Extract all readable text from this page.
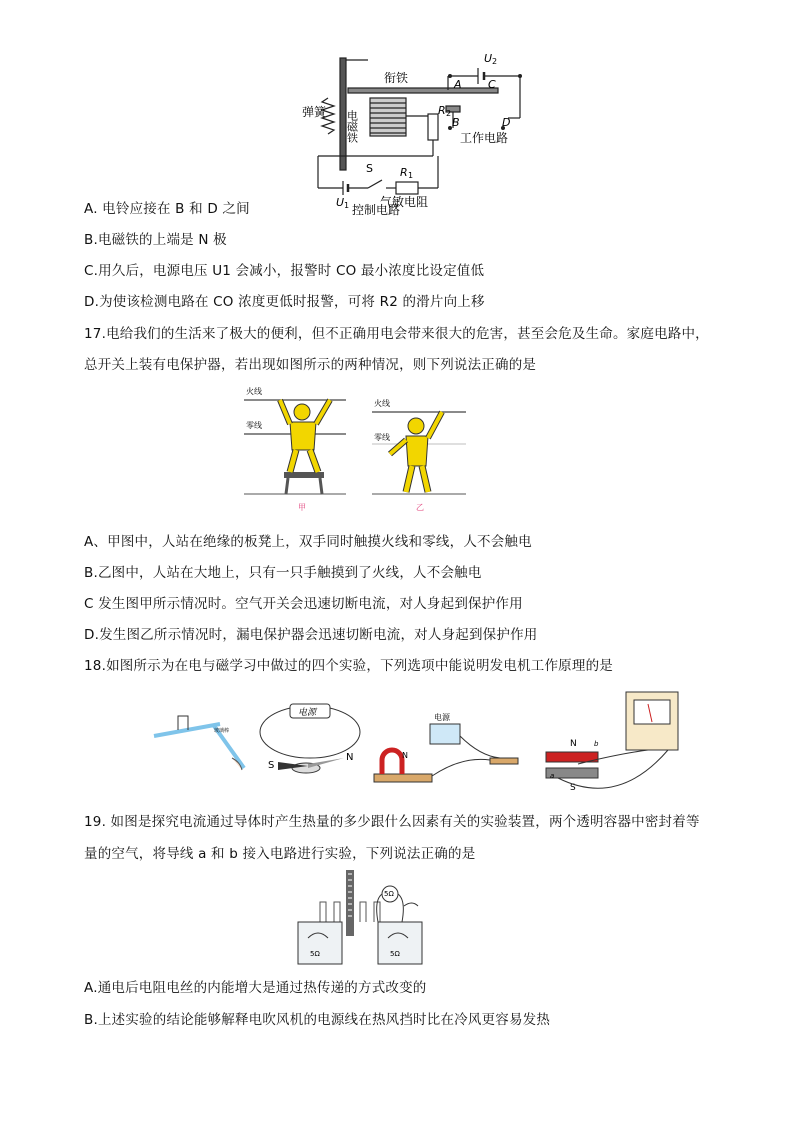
衔铁
弹簧 电磁铁
U 2
A C
B	D
R 2
工作电路
S R 1
U 1	气敏电阻
控制电路
A. 电铃应接在 B 和 D 之间
B.电磁铁的上端是 N 极
C.用久后，电源电压 U1 会减小，报警时 CO 最小浓度比设定值低
D.为使该检测电路在 CO 浓度更低时报警，可将 R2 的滑片向上移
17.电给我们的生活来了极大的便利，但不正确用电会带来很大的危害，甚至会危及生命。家庭电路中，
总开关上装有电保护器，若出现如图所示的两种情况，则下列说法正确的是
火线
零线
甲
火线
零线
乙
A、甲图中，人站在绝缘的板凳上，双手同时触摸火线和零线，人不会触电
B.乙图中，人站在大地上，只有一只手触摸到了火线，人不会触电
C 发生图甲所示情况时。空气开关会迅速切断电流，对人身起到保护作用
D.发生图乙所示情况时，漏电保护器会迅速切断电流，对人身起到保护作用
18.如图所示为在电与磁学习中做过的四个实验，下列选项中能说明发电机工作原理的是
玻璃棒
电源
S
N
电源
N
N
S
a
b
19. 如图是探究电流通过导体时产生热量的多少跟什么因素有关的实验装置，两个透明容器中密封着等
量的空气，将导线 a 和 b 接入电路进行实验，下列说法正确的是
5Ω	5Ω
5Ω
A.通电后电阻电丝的内能增大是通过热传递的方式改变的
B.上述实验的结论能够解释电吹风机的电源线在热风挡时比在冷风更容易发热
